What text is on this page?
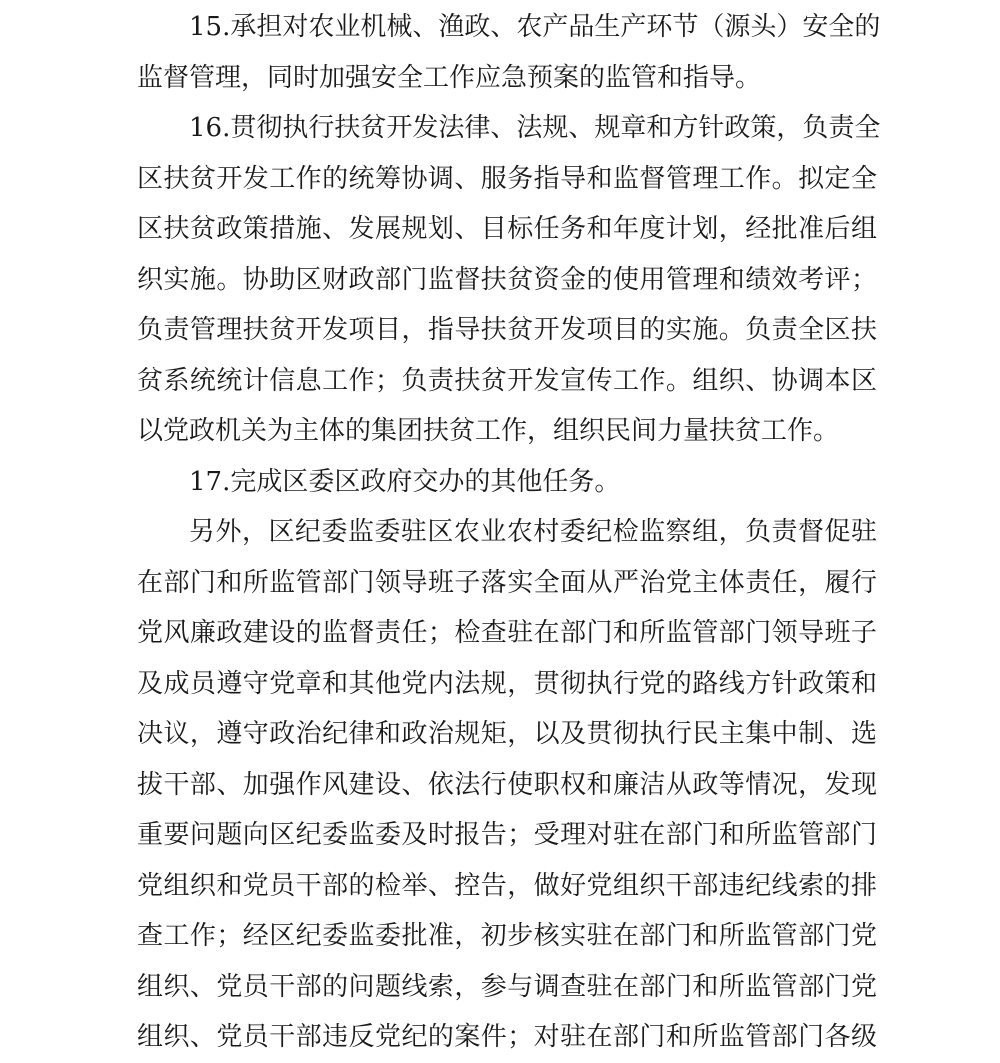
15.承担对农业机械、渔政、农产品生产环节（源头）安全的
监督管理，同时加强安全工作应急预案的监管和指导。
16.贯彻执行扶贫开发法律、法规、规章和方针政策，负责全
区扶贫开发工作的统筹协调、服务指导和监督管理工作。拟定全
区扶贫政策措施、发展规划、目标任务和年度计划，经批准后组
织实施。协助区财政部门监督扶贫资金的使用管理和绩效考评；
负责管理扶贫开发项目，指导扶贫开发项目的实施。负责全区扶
贫系统统计信息工作；负责扶贫开发宣传工作。组织、协调本区
以党政机关为主体的集团扶贫工作，组织民间力量扶贫工作。
17.完成区委区政府交办的其他任务。
另外，区纪委监委驻区农业农村委纪检监察组，负责督促驻
在部门和所监管部门领导班子落实全面从严治党主体责任，履行
党风廉政建设的监督责任；检查驻在部门和所监管部门领导班子
及成员遵守党章和其他党内法规，贯彻执行党的路线方针政策和
决议，遵守政治纪律和政治规矩，以及贯彻执行民主集中制、选
拔干部、加强作风建设、依法行使职权和廉洁从政等情况，发现
重要问题向区纪委监委及时报告；受理对驻在部门和所监管部门
党组织和党员干部的检举、控告，做好党组织干部违纪线索的排
查工作；经区纪委监委批准，初步核实驻在部门和所监管部门党
组织、党员干部的问题线索，参与调查驻在部门和所监管部门党
组织、党员干部违反党纪的案件；对驻在部门和所监管部门各级
